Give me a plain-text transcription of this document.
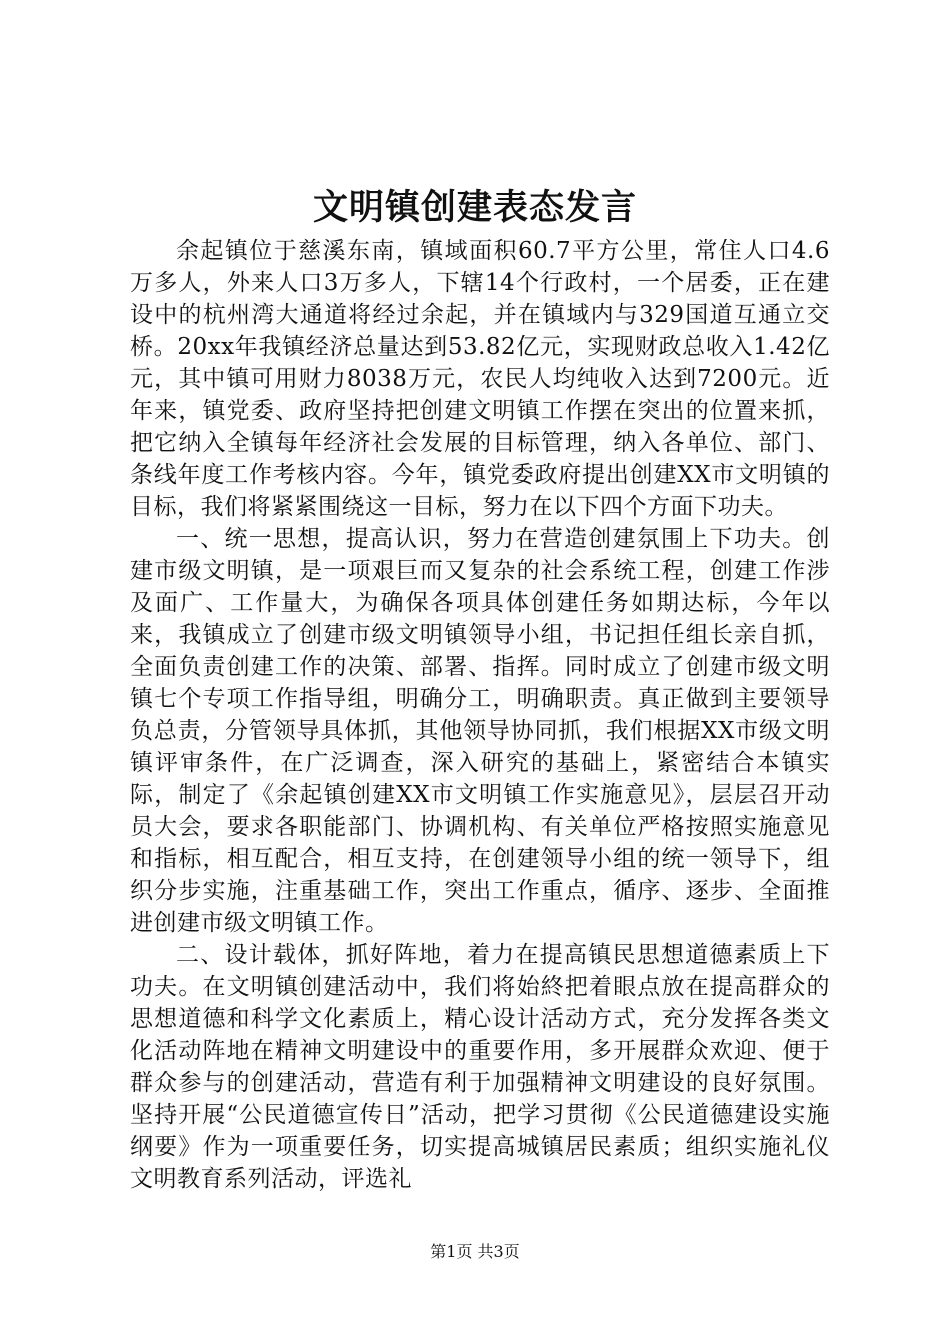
文明镇创建表态发言

余起镇位于慈溪东南，镇域面积60.7平方公里，常住人口4.6万多人，外来人口3万多人，下辖14个行政村，一个居委，正在建设中的杭州湾大通道将经过余起，并在镇域内与329国道互通立交桥。20xx年我镇经济总量达到53.82亿元，实现财政总收入1.42亿元，其中镇可用财力8038万元，农民人均纯收入达到7200元。近年来，镇党委、政府坚持把创建文明镇工作摆在突出的位置来抓，把它纳入全镇每年经济社会发展的目标管理，纳入各单位、部门、条线年度工作考核内容。今年，镇党委政府提出创建XX市文明镇的目标，我们将紧紧围绕这一目标，努力在以下四个方面下功夫。

一、统一思想，提高认识，努力在营造创建氛围上下功夫。创建市级文明镇，是一项艰巨而又复杂的社会系统工程，创建工作涉及面广、工作量大，为确保各项具体创建任务如期达标，今年以来，我镇成立了创建市级文明镇领导小组，书记担任组长亲自抓，全面负责创建工作的决策、部署、指挥。同时成立了创建市级文明镇七个专项工作指导组，明确分工，明确职责。真正做到主要领导负总责，分管领导具体抓，其他领导协同抓，我们根据XX市级文明镇评审条件，在广泛调查，深入研究的基础上，紧密结合本镇实际，制定了《余起镇创建XX市文明镇工作实施意见》，层层召开动员大会，要求各职能部门、协调机构、有关单位严格按照实施意见和指标，相互配合，相互支持，在创建领导小组的统一领导下，组织分步实施，注重基础工作，突出工作重点，循序、逐步、全面推进创建市级文明镇工作。

二、设计载体，抓好阵地，着力在提高镇民思想道德素质上下功夫。在文明镇创建活动中，我们将始終把着眼点放在提高群众的思想道德和科学文化素质上，精心设计活动方式，充分发挥各类文化活动阵地在精神文明建设中的重要作用，多开展群众欢迎、便于群众参与的创建活动，营造有利于加强精神文明建设的良好氛围。坚持开展“公民道德宣传日”活动，把学习贯彻《公民道德建设实施纲要》作为一项重要任务，切实提高城镇居民素质；组织实施礼仪文明教育系列活动，评选礼

第1页 共3页
